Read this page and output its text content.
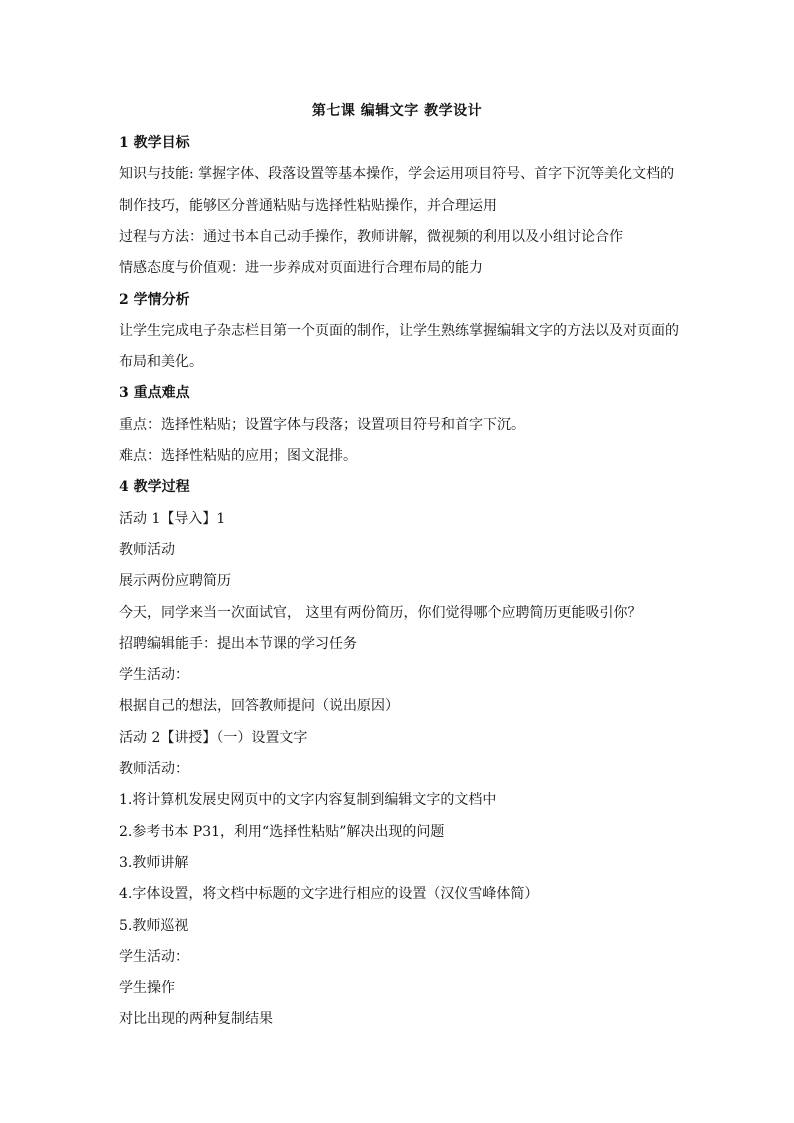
第七课 编辑文字 教学设计
1 教学目标
知识与技能: 掌握字体、段落设置等基本操作，学会运用项目符号、首字下沉等美化文档的
制作技巧，能够区分普通粘贴与选择性粘贴操作，并合理运用
过程与方法：通过书本自己动手操作，教师讲解，微视频的利用以及小组讨论合作
情感态度与价值观：进一步养成对页面进行合理布局的能力
2 学情分析
让学生完成电子杂志栏目第一个页面的制作，让学生熟练掌握编辑文字的方法以及对页面的
布局和美化。
3 重点难点
重点：选择性粘贴；设置字体与段落；设置项目符号和首字下沉。
难点：选择性粘贴的应用；图文混排。
4 教学过程
活动 1【导入】1
教师活动
展示两份应聘简历
今天，同学来当一次面试官， 这里有两份简历，你们觉得哪个应聘简历更能吸引你？
招聘编辑能手：提出本节课的学习任务
学生活动：
根据自己的想法，回答教师提问（说出原因）
活动 2【讲授】（一）设置文字
教师活动：
1.将计算机发展史网页中的文字内容复制到编辑文字的文档中
2.参考书本 P31，利用“选择性粘贴”解决出现的问题
3.教师讲解
4.字体设置，将文档中标题的文字进行相应的设置（汉仪雪峰体简）
5.教师巡视
学生活动：
学生操作
对比出现的两种复制结果
